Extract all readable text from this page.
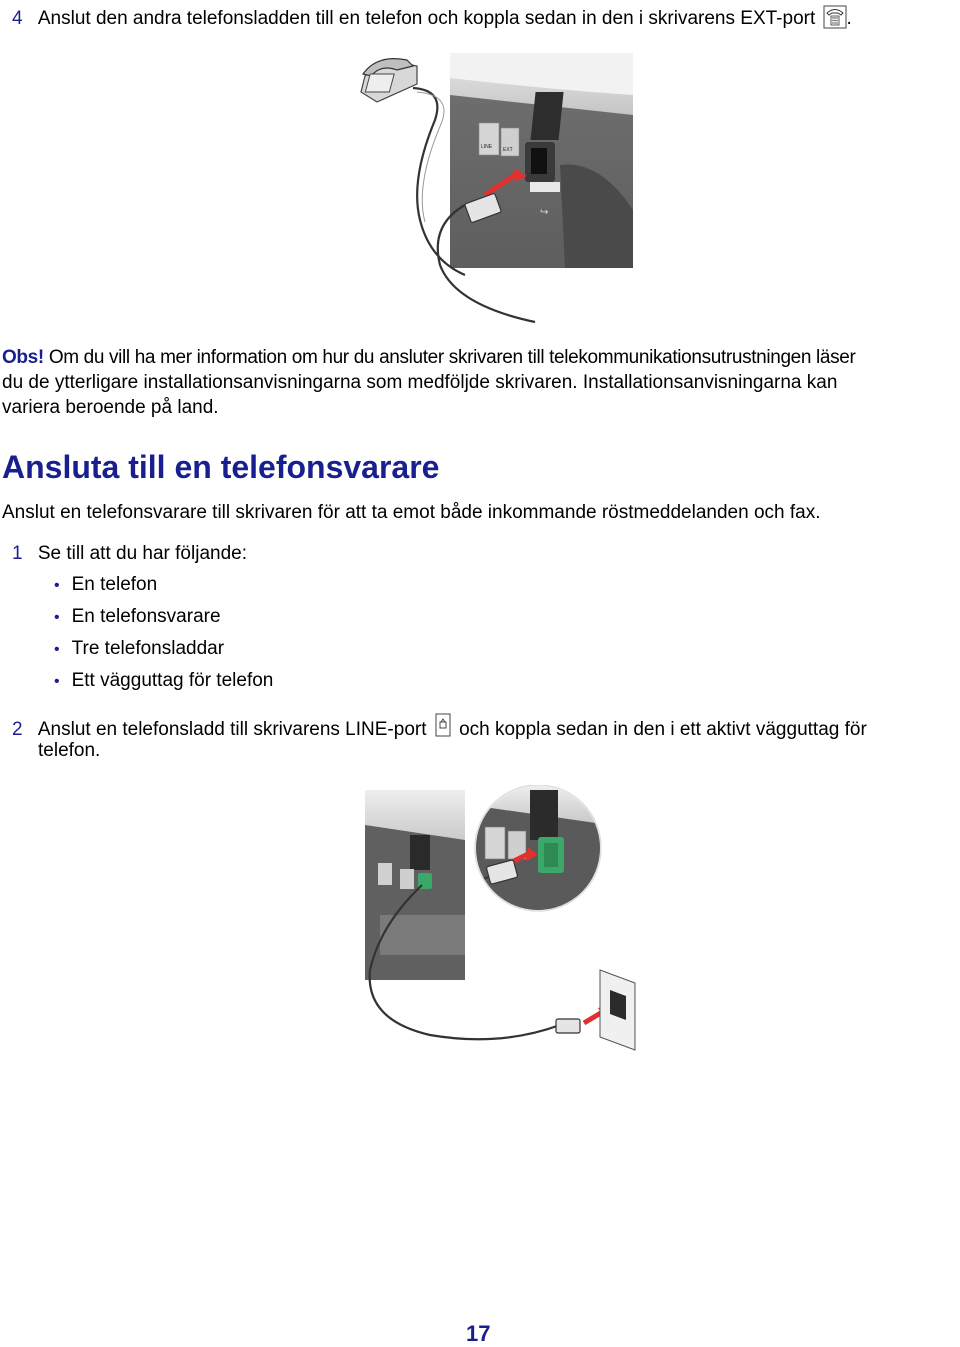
4 Anslut den andra telefonsladden till en telefon och koppla sedan in den i skrivarens EXT-port .
LINE EXT
↪
Obs! Om du vill ha mer information om hur du ansluter skrivaren till telekommunikationsutrustningen läser
du de ytterligare installationsanvisningarna som medföljde skrivaren. Installationsanvisningarna kan
variera beroende på land.
Ansluta till en telefonsvarare
Anslut en telefonsvarare till skrivaren för att ta emot både inkommande röstmeddelanden och fax.
1 Se till att du har följande:
• En telefon
• En telefonsvarare
• Tre telefonsladdar
• Ett vägguttag för telefon
2 Anslut en telefonsladd till skrivarens LINE-port och koppla sedan in den i ett aktivt vägguttag för
telefon.
17
